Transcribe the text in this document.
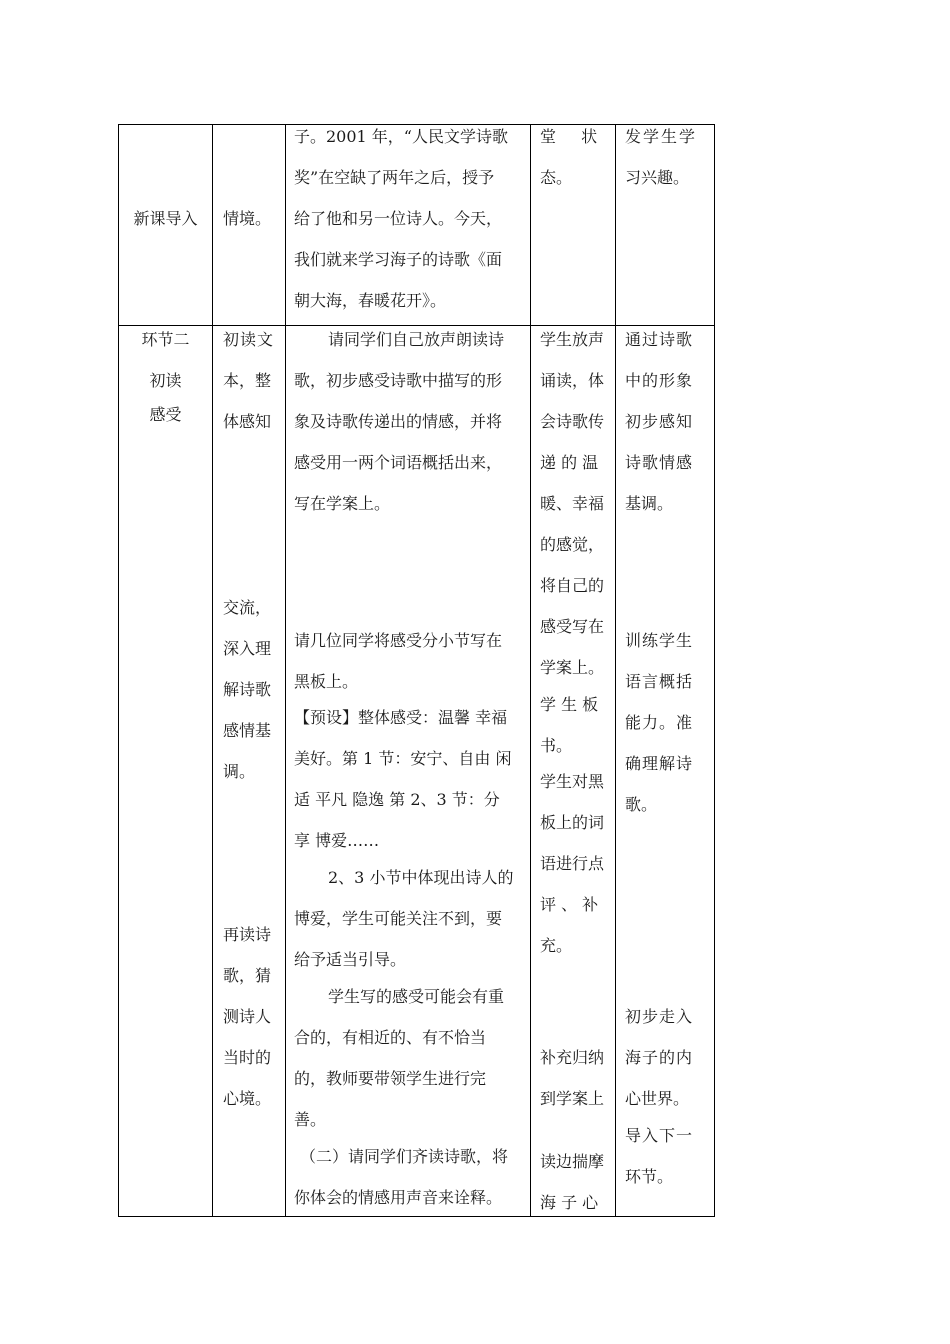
新课导入	情境。
子。2001 年，“人民文学诗歌
奖”在空缺了两年之后，授予
给了他和另一位诗人。今天，
我们就来学习海子的诗歌《面
朝大海，春暖花开》。
堂 状
态。
发学生学
习兴趣。
环节二
初读
感受
初读文
本，整
体感知
交流，
深入理
解诗歌
感情基
调。
再读诗
歌，猜
测诗人
当时的
心境。
请同学们自己放声朗读诗
歌，初步感受诗歌中描写的形
象及诗歌传递出的情感，并将
感受用一两个词语概括出来，
写在学案上。
请几位同学将感受分小节写在
黑板上。
【预设】整体感受：温馨 幸福
美好。第 1 节：安宁、自由 闲
适 平凡 隐逸 第 2、3 节：分
享 博爱……
2、3 小节中体现出诗人的
博爱，学生可能关注不到，要
给予适当引导。
学生写的感受可能会有重
合的，有相近的、有不恰当
的，教师要带领学生进行完
善。
（二）请同学们齐读诗歌，将
你体会的情感用声音来诠释。
学生放声
诵读，体
会诗歌传
递 的 温
暖、幸福
的感觉，
将自己的
感受写在
学案上。
学 生 板
书。
学生对黑
板上的词
语进行点
评 、 补
充。
补充归纳
到学案上
读边揣摩
海 子 心
通过诗歌
中的形象
初步感知
诗歌情感
基调。
训练学生
语言概括
能力。准
确理解诗
歌。
初步走入
海子的内
心世界。
导入下一
环节。
